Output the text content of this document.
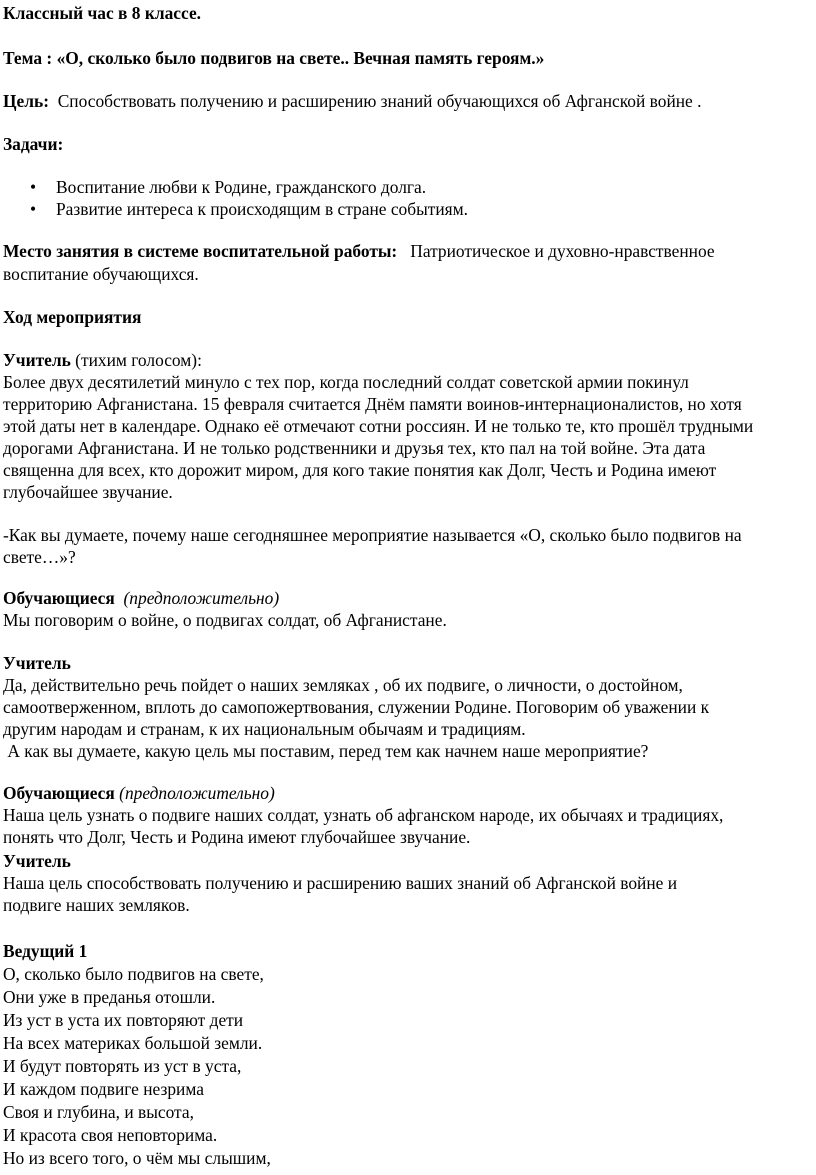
Классный час в 8 классе.
Тема : «О, сколько было подвигов на свете.. Вечная память героям.»
Цель: Способствовать получению и расширению знаний обучающихся об Афганской войне .
Задачи:
• Воспитание любви к Родине, гражданского долга.
• Развитие интереса к происходящим в стране событиям.
Место занятия в системе воспитательной работы: Патриотическое и духовно-нравственное
воспитание обучающихся.
Ход мероприятия
Учитель (тихим голосом):
Более двух десятилетий минуло с тех пор, когда последний солдат советской армии покинул
территорию Афганистана. 15 февраля считается Днём памяти воинов-интернационалистов, но хотя
этой даты нет в календаре. Однако её отмечают сотни россиян. И не только те, кто прошёл трудными
дорогами Афганистана. И не только родственники и друзья тех, кто пал на той войне. Эта дата
священна для всех, кто дорожит миром, для кого такие понятия как Долг, Честь и Родина имеют
глубочайшее звучание.
-Как вы думаете, почему наше сегодняшнее мероприятие называется «О, сколько было подвигов на
свете…»?
Обучающиеся (предположительно)
Мы поговорим о войне, о подвигах солдат, об Афганистане.
Учитель
Да, действительно речь пойдет о наших земляках , об их подвиге, о личности, о достойном,
самоотверженном, вплоть до самопожертвования, служении Родине. Поговорим об уважении к
другим народам и странам, к их национальным обычаям и традициям.
А как вы думаете, какую цель мы поставим, перед тем как начнем наше мероприятие?
Обучающиеся (предположительно)
Наша цель узнать о подвиге наших солдат, узнать об афганском народе, их обычаях и традициях,
понять что Долг, Честь и Родина имеют глубочайшее звучание.
Учитель
Наша цель способствовать получению и расширению ваших знаний об Афганской войне и
подвиге наших земляков.
Ведущий 1
О, сколько было подвигов на свете,
Они уже в преданья отошли.
Из уст в уста их повторяют дети
На всех материках большой земли.
И будут повторять из уст в уста,
И каждом подвиге незрима
Своя и глубина, и высота,
И красота своя неповторима.
Но из всего того, о чём мы слышим,
